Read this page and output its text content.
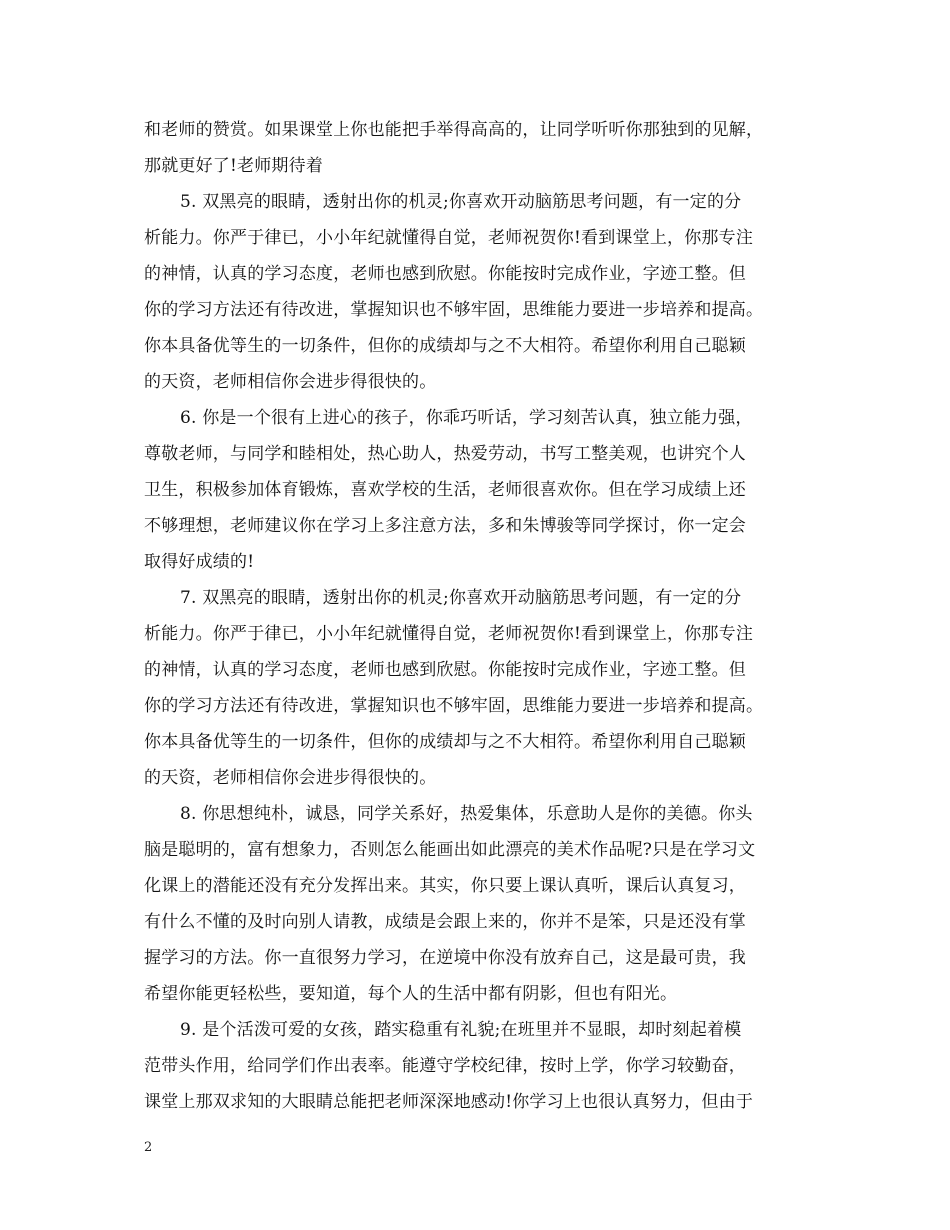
和老师的赞赏。如果课堂上你也能把手举得高高的，让同学听听你那独到的见解，
那就更好了!老师期待着
5. 双黑亮的眼睛，透射出你的机灵;你喜欢开动脑筋思考问题，有一定的分
析能力。你严于律已，小小年纪就懂得自觉，老师祝贺你!看到课堂上，你那专注
的神情，认真的学习态度，老师也感到欣慰。你能按时完成作业，字迹工整。但
你的学习方法还有待改进，掌握知识也不够牢固，思维能力要进一步培养和提高。
你本具备优等生的一切条件，但你的成绩却与之不大相符。希望你利用自己聪颖
的天资，老师相信你会进步得很快的。
6. 你是一个很有上进心的孩子，你乖巧听话，学习刻苦认真，独立能力强，
尊敬老师，与同学和睦相处，热心助人，热爱劳动，书写工整美观，也讲究个人
卫生，积极参加体育锻炼，喜欢学校的生活，老师很喜欢你。但在学习成绩上还
不够理想，老师建议你在学习上多注意方法，多和朱博骏等同学探讨，你一定会
取得好成绩的!
7. 双黑亮的眼睛，透射出你的机灵;你喜欢开动脑筋思考问题，有一定的分
析能力。你严于律已，小小年纪就懂得自觉，老师祝贺你!看到课堂上，你那专注
的神情，认真的学习态度，老师也感到欣慰。你能按时完成作业，字迹工整。但
你的学习方法还有待改进，掌握知识也不够牢固，思维能力要进一步培养和提高。
你本具备优等生的一切条件，但你的成绩却与之不大相符。希望你利用自己聪颖
的天资，老师相信你会进步得很快的。
8. 你思想纯朴，诚恳，同学关系好，热爱集体，乐意助人是你的美德。你头
脑是聪明的，富有想象力，否则怎么能画出如此漂亮的美术作品呢?只是在学习文
化课上的潜能还没有充分发挥出来。其实，你只要上课认真听，课后认真复习，
有什么不懂的及时向别人请教，成绩是会跟上来的，你并不是笨，只是还没有掌
握学习的方法。你一直很努力学习，在逆境中你没有放弃自己，这是最可贵，我
希望你能更轻松些，要知道，每个人的生活中都有阴影，但也有阳光。
9. 是个活泼可爱的女孩，踏实稳重有礼貌;在班里并不显眼，却时刻起着模
范带头作用，给同学们作出表率。能遵守学校纪律，按时上学，你学习较勤奋，
课堂上那双求知的大眼睛总能把老师深深地感动!你学习上也很认真努力，但由于
2
